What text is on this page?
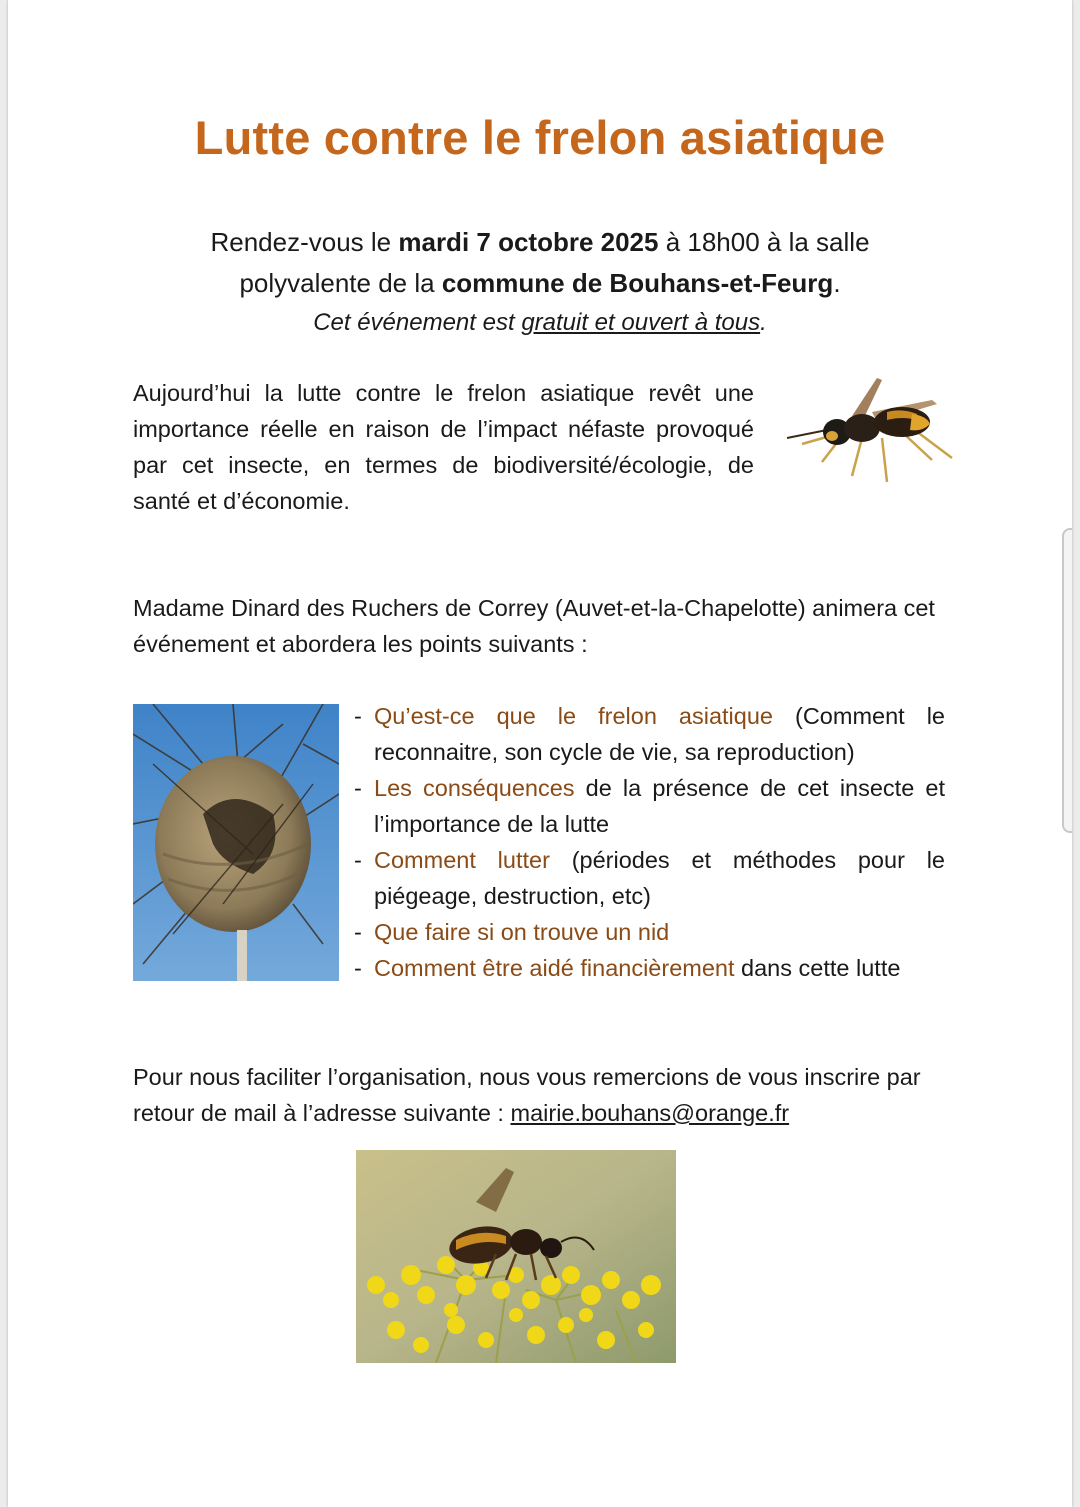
Lutte contre le frelon asiatique
Rendez-vous le mardi 7 octobre 2025 à 18h00 à la salle
polyvalente de la commune de Bouhans-et-Feurg.
Cet événement est gratuit et ouvert à tous.
Aujourd’hui la lutte contre le frelon asiatique revêt une importance réelle en raison de l’impact néfaste provoqué par cet insecte, en termes de biodiversité/écologie, de santé et d’économie.
Madame Dinard des Ruchers de Correy (Auvet-et-la-Chapelotte) animera cet événement et abordera les points suivants :
- Qu’est-ce que le frelon asiatique (Comment le reconnaitre, son cycle de vie, sa reproduction)
- Les conséquences de la présence de cet insecte et l’importance de la lutte
- Comment lutter (périodes et méthodes pour le piégeage, destruction, etc)
- Que faire si on trouve un nid
- Comment être aidé financièrement dans cette lutte
Pour nous faciliter l’organisation, nous vous remercions de vous inscrire par retour de mail à l’adresse suivante : mairie.bouhans@orange.fr
